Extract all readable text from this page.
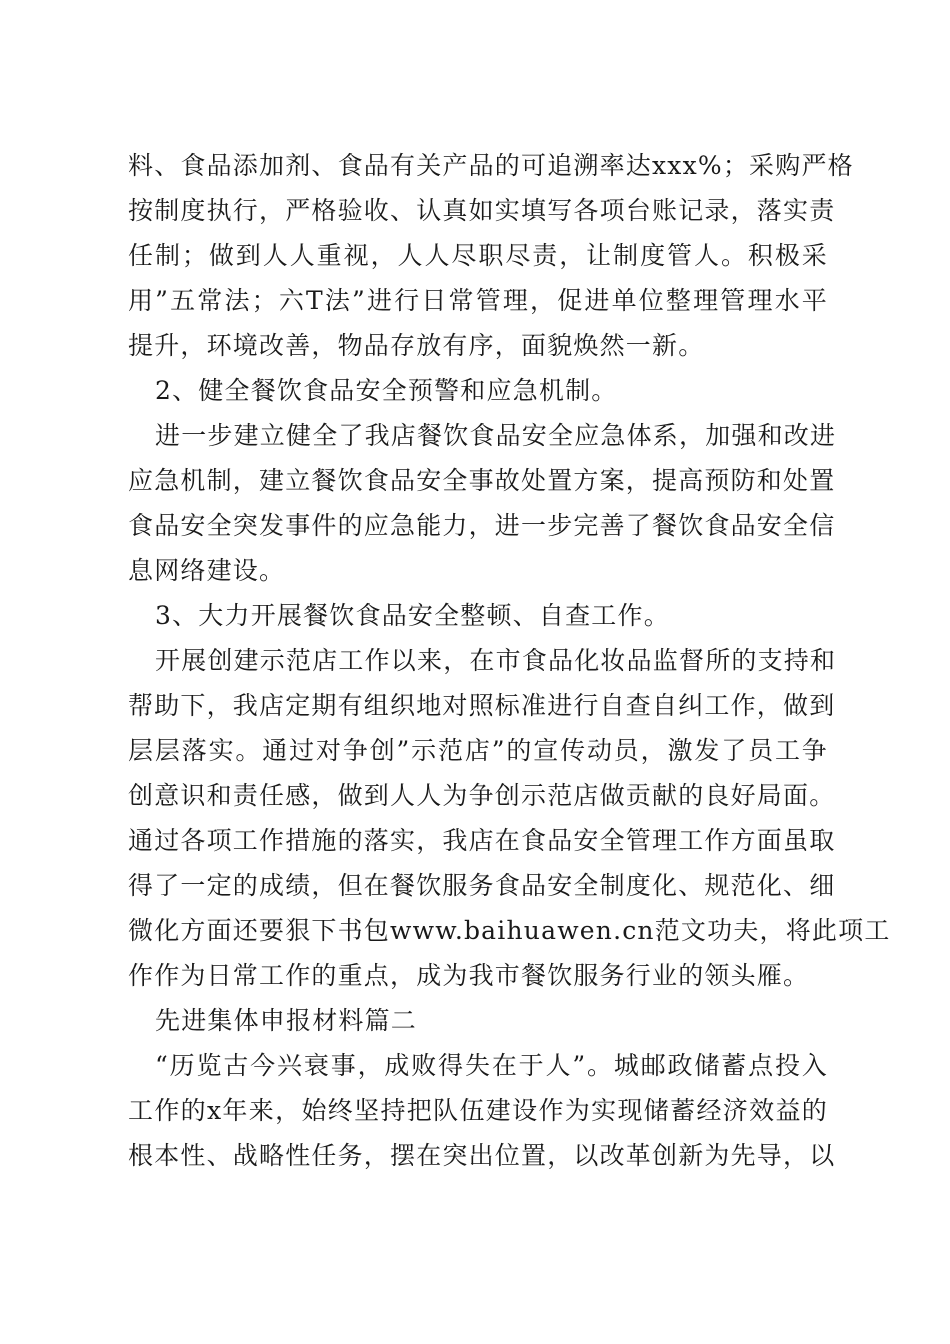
料、食品添加剂、食品有关产品的可追溯率达xxx%；采购严格
按制度执行，严格验收、认真如实填写各项台账记录，落实责
任制；做到人人重视，人人尽职尽责，让制度管人。积极采
用”五常法；六T法”进行日常管理，促进单位整理管理水平
提升，环境改善，物品存放有序，面貌焕然一新。
2、健全餐饮食品安全预警和应急机制。
进一步建立健全了我店餐饮食品安全应急体系，加强和改进
应急机制，建立餐饮食品安全事故处置方案，提高预防和处置
食品安全突发事件的应急能力，进一步完善了餐饮食品安全信
息网络建设。
3、大力开展餐饮食品安全整顿、自查工作。
开展创建示范店工作以来，在市食品化妆品监督所的支持和
帮助下，我店定期有组织地对照标准进行自查自纠工作，做到
层层落实。通过对争创”示范店”的宣传动员，激发了员工争
创意识和责任感，做到人人为争创示范店做贡献的良好局面。
通过各项工作措施的落实，我店在食品安全管理工作方面虽取
得了一定的成绩，但在餐饮服务食品安全制度化、规范化、细
微化方面还要狠下书包www.baihuawen.cn范文功夫，将此项工
作作为日常工作的重点，成为我市餐饮服务行业的领头雁。
先进集体申报材料篇二
“历览古今兴衰事，成败得失在于人”。城邮政储蓄点投入
工作的x年来，始终坚持把队伍建设作为实现储蓄经济效益的
根本性、战略性任务，摆在突出位置，以改革创新为先导，以
